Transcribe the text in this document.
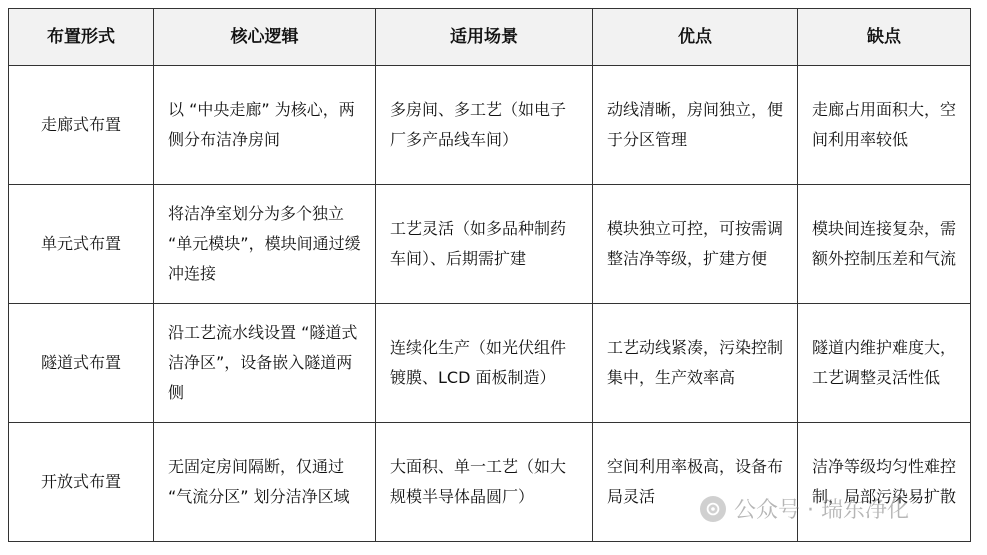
布置形式	核心逻辑	适用场景	优点	缺点
走廊式布置	以 “中央走廊” 为核心，两侧分布洁净房间	多房间、多工艺（如电子厂多产品线车间）	动线清晰，房间独立，便于分区管理	走廊占用面积大，空间利用率较低
单元式布置	将洁净室划分为多个独立 “单元模块”，模块间通过缓冲连接	工艺灵活（如多品种制药车间）、后期需扩建	模块独立可控，可按需调整洁净等级，扩建方便	模块间连接复杂，需额外控制压差和气流
隧道式布置	沿工艺流水线设置 “隧道式洁净区”，设备嵌入隧道两侧	连续化生产（如光伏组件镀膜、LCD 面板制造）	工艺动线紧凑，污染控制集中，生产效率高	隧道内维护难度大，工艺调整灵活性低
开放式布置	无固定房间隔断，仅通过 “气流分区” 划分洁净区域	大面积、单一工艺（如大规模半导体晶圆厂）	空间利用率极高，设备布局灵活	洁净等级均匀性难控制，局部污染易扩散
公众号 · 瑞东净化
